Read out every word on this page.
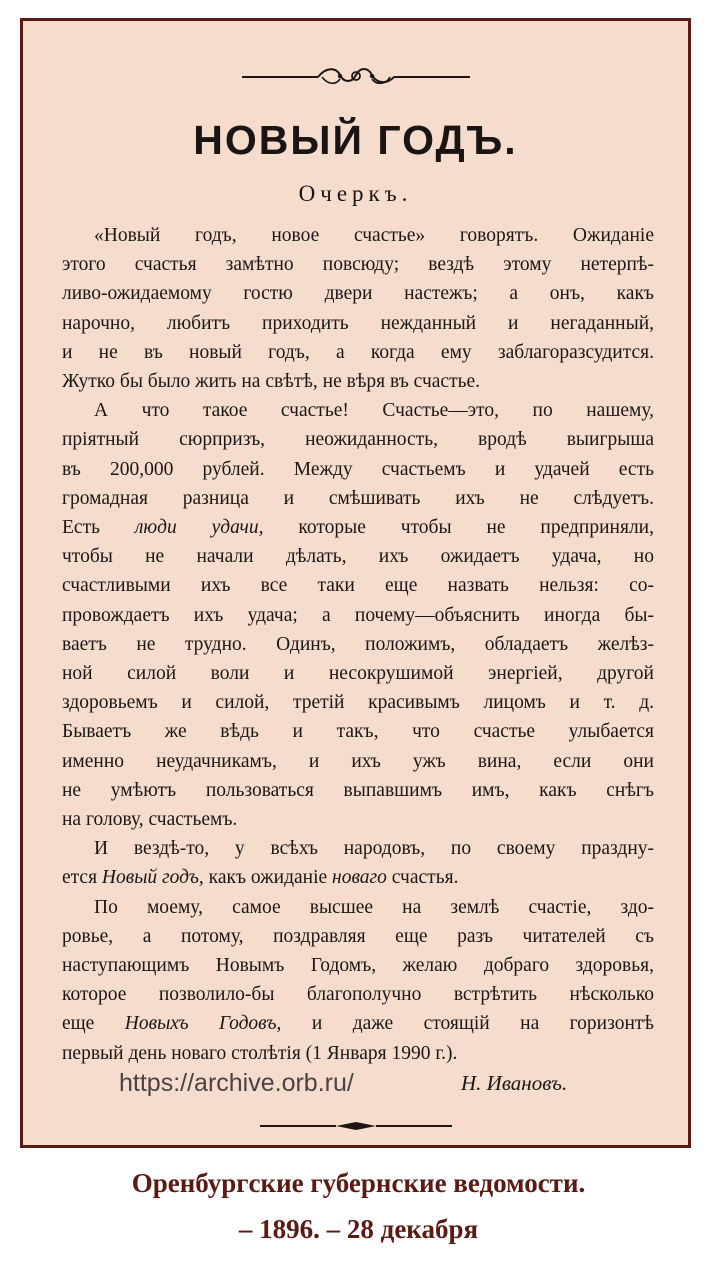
НОВЫЙ ГОДЪ.
Очеркъ.

«Новый годъ, новое счастье» говорятъ. Ожиданіе

этого счастья замѣтно повсюду; вездѣ этому нетерпѣ-

ливо-ожидаемому гостю двери настежъ; а онъ, какъ

нарочно, любитъ приходить нежданный и негаданный,

и не въ новый годъ, а когда ему заблагоразсудится.

Жутко бы было жить на свѣтѣ, не вѣря въ счастье.

А что такое счастье! Счастье—это, по нашему,

пріятный сюрпризъ, неожиданность, вродѣ выигрыша

въ 200,000 рублей. Между счастьемъ и удачей есть

громадная разница и смѣшивать ихъ не слѣдуетъ.

Есть люди удачи, которые чтобы не предприняли,

чтобы не начали дѣлать, ихъ ожидаетъ удача, но

счастливыми ихъ все таки еще назвать нельзя: со-

провождаетъ ихъ удача; а почему—объяснить иногда бы-

ваетъ не трудно. Одинъ, положимъ, обладаетъ желѣз-

ной силой воли и несокрушимой энергіей, другой

здоровьемъ и силой, третій красивымъ лицомъ и т. д.

Бываетъ же вѣдь и такъ, что счастье улыбается

именно неудачникамъ, и ихъ ужъ вина, если они

не умѣютъ пользоваться выпавшимъ имъ, какъ снѣгъ

на голову, счастьемъ.

И вездѣ-то, у всѣхъ народовъ, по своему праздну-

ется Новый годъ, какъ ожиданіе новаго счастья.

По моему, самое высшее на землѣ счастіе, здо-

ровье, а потому, поздравляя еще разъ читателей съ

наступающимъ Новымъ Годомъ, желаю добраго здоровья,

которое позволило-бы благополучно встрѣтить нѣсколько

еще Новыхъ Годовъ, и даже стоящій на горизонтѣ

первый день новаго столѣтія (1 Января 1990 г.).

https://archive.orb.ru/	Н. Ивановъ.
Оренбургские губернские ведомости.
– 1896. – 28 декабря
